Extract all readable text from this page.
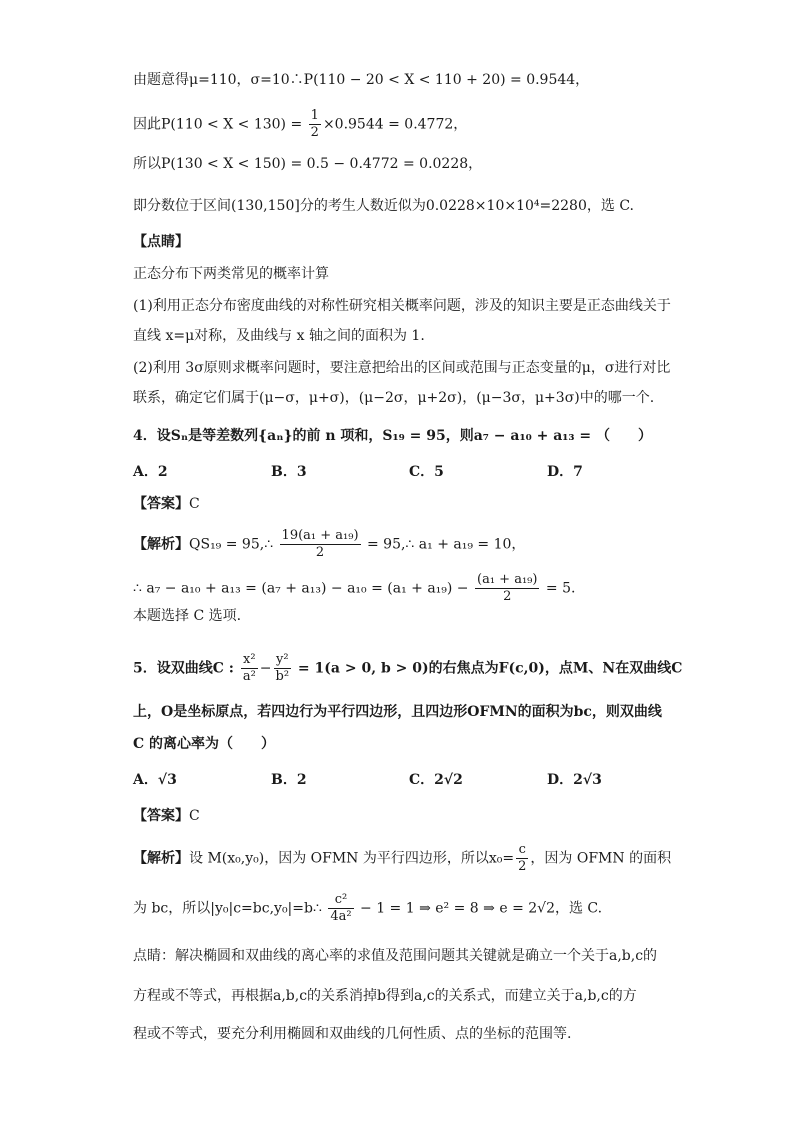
由题意得μ=110，σ=10∴P(110 − 20 < X < 110 + 20) = 0.9544，
因此$P(110 < X < 130) = \frac{1}{2} \times 0.9544 = 0.4772$，
所以P(130 < X < 150) = 0.5 − 0.4772 = 0.0228，
即分数位于区间(130,150]分的考生人数近似为0.0228×10×10⁴=2280，选 C.
【点睛】
正态分布下两类常见的概率计算
(1)利用正态分布密度曲线的对称性研究相关概率问题，涉及的知识主要是正态曲线关于
直线 x=μ对称，及曲线与 x 轴之间的面积为 1.
(2)利用 3σ原则求概率问题时，要注意把给出的区间或范围与正态变量的μ，σ进行对比
联系，确定它们属于(μ−σ，μ+σ)，(μ−2σ，μ+2σ)，(μ−3σ，μ+3σ)中的哪一个.
4．设Sₙ是等差数列{aₙ}的前 n 项和，S₁₉ = 95，则a₇ − a₁₀ + a₁₃ = （　　）
A．2	B．3	C．5	D．7
【答案】C
【解析】QS₁₉ = 95,∴ $\frac{\text{19(a₁ + a₁₉)}}{2}$ = 95,∴ a₁ + a₁₉ = 10，
∴ $a_7 - a_{10} + a_{13} = (a_7 + a_{13}) - a_{10} = (a_1 + a_{19}) - \frac{\text{(a₁ + a₁₉)}}{2} = 5$.
本题选择 C 选项.
5．设双曲线C : $\frac{\text{x²}}{\text{a²}} - \frac{\text{y²}}{\text{b²}} = 1(a > 0$, b > 0)的右焦点为F(c,0)，点M、N在双曲线C
上，O是坐标原点，若四边行为平行四边形，且四边形OFMN的面积为bc，则双曲线
C 的离心率为（　　）
A．√3	B．2	C．2√2	D．2√3
【答案】C
【解析】设 M(x₀,y₀)，因为 OFMN 为平行四边形，所以$x_0= \frac{c}{2}$ ，因为 OFMN 的面积
为 bc，所以|y₀|c=bc,y₀|=b∴ $\frac{\text{c²}}{\text{4a²}} - 1 = 1$ ⇒ e² = 8 ⇒ e = 2√2，选 C.
点睛：解决椭圆和双曲线的离心率的求值及范围问题其关键就是确立一个关于a,b,c的
方程或不等式，再根据a,b,c的关系消掉b得到a,c的关系式，而建立关于a,b,c的方
程或不等式，要充分利用椭圆和双曲线的几何性质、点的坐标的范围等.
